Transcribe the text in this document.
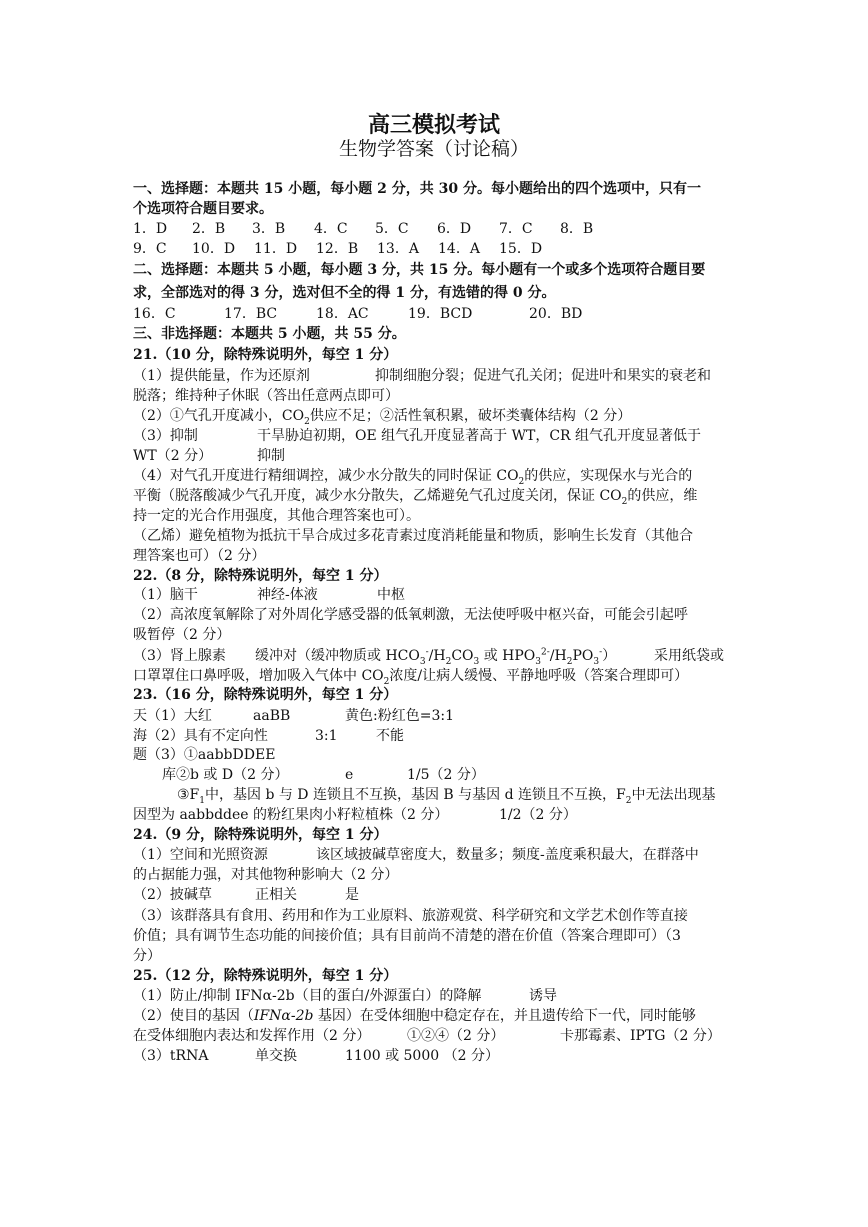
高三模拟考试
生物学答案（讨论稿）
一、选择题：本题共 15 小题，每小题 2 分，共 30 分。每小题给出的四个选项中，只有一
个选项符合题目要求。
1．D 2．B 3．B 4．C 5．C 6．D 7．C 8．B
9．C 10．D 11．D 12．B 13．A 14．A 15．D
二、选择题：本题共 5 小题，每小题 3 分，共 15 分。每小题有一个或多个选项符合题目要
求，全部选对的得 3 分，选对但不全的得 1 分，有选错的得 0 分。
16．C	17．BC	18．AC	19．BCD	20．BD
三、非选择题：本题共 5 小题，共 55 分。
21.（10 分，除特殊说明外，每空 1 分）
（1）提供能量，作为还原剂	抑制细胞分裂；促进气孔关闭；促进叶和果实的衰老和
脱落；维持种子休眠（答出任意两点即可）
（2）①气孔开度减小，$CO_2$供应不足；②活性氧积累，破坏类囊体结构（2 分）
（3）抑制	干旱胁迫初期，OE 组气孔开度显著高于 WT，CR 组气孔开度显著低于
WT（2 分）	抑制
（4）对气孔开度进行精细调控，减少水分散失的同时保证 $CO_2$的供应，实现保水与光合的
平衡（脱落酸减少气孔开度，减少水分散失，乙烯避免气孔过度关闭，保证 $CO_2$的供应，维
持一定的光合作用强度，其他合理答案也可）。
（乙烯）避免植物为抵抗干旱合成过多花青素过度消耗能量和物质，影响生长发育（其他合
理答案也可）（2 分）
22.（8 分，除特殊说明外，每空 1 分）
（1）脑干	神经-体液	中枢
（2）高浓度氧解除了对外周化学感受器的低氧刺激，无法使呼吸中枢兴奋，可能会引起呼
吸暂停（2 分）
（3）肾上腺素 缓冲对（缓冲物质或 $HCO_3^-/H_2CO_3$ 或 $HPO_3^{2-}/H_2PO_3^-$）	采用纸袋或
口罩罩住口鼻呼吸，增加吸入气体中 $CO_2$浓度/让病人缓慢、平静地呼吸（答案合理即可）
23.（16 分，除特殊说明外，每空 1 分）
天（1）大红	aaBB	黄色:粉红色=3:1
海（2）具有不定向性	3:1	不能
题（3）①aabbDDEE
库②b 或 D（2 分）	e	1/5（2 分）
$③F_1$中，基因 b 与 D 连锁且不互换，基因 B 与基因 d 连锁且不互换，$F_2$中无法出现基
因型为 aabbddee 的粉红果肉小籽粒植株（2 分）	1/2（2 分）
24.（9 分，除特殊说明外，每空 1 分）
（1）空间和光照资源	该区域披碱草密度大，数量多；频度-盖度乘积最大，在群落中
的占据能力强，对其他物种影响大（2 分）
（2）披碱草	正相关	是
（3）该群落具有食用、药用和作为工业原料、旅游观赏、科学研究和文学艺术创作等直接
价值；具有调节生态功能的间接价值；具有目前尚不清楚的潜在价值（答案合理即可）（3
分）
25.（12 分，除特殊说明外，每空 1 分）
（1）防止/抑制 IFNα-2b（目的蛋白/外源蛋白）的降解	诱导
（2）使目的基因（IFNα-2b 基因）在受体细胞中稳定存在，并且遗传给下一代，同时能够
在受体细胞内表达和发挥作用（2 分）	①②④（2 分）	卡那霉素、IPTG（2 分）
（3）tRNA	单交换	1100 或 5000 （2 分）
